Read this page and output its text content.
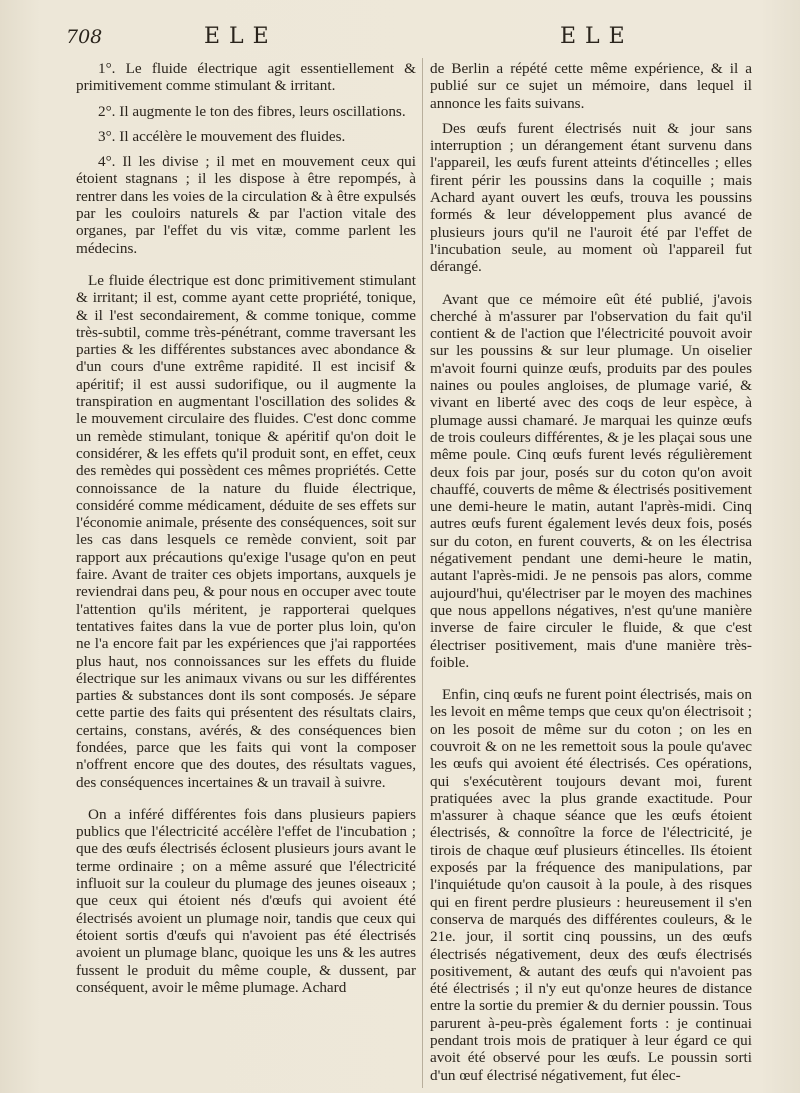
708	ELE	ELE

1°. Le fluide électrique agit essentiellement & primitivement comme stimulant & irritant.

2°. Il augmente le ton des fibres, leurs oscillations.

3°. Il accélère le mouvement des fluides.

4°. Il les divise ; il met en mouvement ceux qui étoient stagnans ; il les dispose à être repompés, à rentrer dans les voies de la circulation & à être expulsés par les couloirs naturels & par l'action vitale des organes, par l'effet du vis vitæ, comme parlent les médecins.

Le fluide électrique est donc primitivement stimulant & irritant; il est, comme ayant cette propriété, tonique, & il l'est secondairement, & comme tonique, comme très-subtil, comme très-pénétrant, comme traversant les parties & les différentes substances avec abondance & d'un cours d'une extrême rapidité. Il est incisif & apéritif; il est aussi sudorifique, ou il augmente la transpiration en augmentant l'oscillation des solides & le mouvement circulaire des fluides. C'est donc comme un remède stimulant, tonique & apéritif qu'on doit le considérer, & les effets qu'il produit sont, en effet, ceux des remèdes qui possèdent ces mêmes propriétés. Cette connoissance de la nature du fluide électrique, considéré comme médicament, déduite de ses effets sur l'économie animale, présente des conséquences, soit sur les cas dans lesquels ce remède convient, soit par rapport aux précautions qu'exige l'usage qu'on en peut faire. Avant de traiter ces objets importans, auxquels je reviendrai dans peu, & pour nous en occuper avec toute l'attention qu'ils méritent, je rapporterai quelques tentatives faites dans la vue de porter plus loin, qu'on ne l'a encore fait par les expériences que j'ai rapportées plus haut, nos connoissances sur les effets du fluide électrique sur les animaux vivans ou sur les différentes parties & substances dont ils sont composés. Je sépare cette partie des faits qui présentent des résultats clairs, certains, constans, avérés, & des conséquences bien fondées, parce que les faits qui vont la composer n'offrent encore que des doutes, des résultats vagues, des conséquences incertaines & un travail à suivre.

On a inféré différentes fois dans plusieurs papiers publics que l'électricité accélère l'effet de l'incubation ; que des œufs électrisés éclosent plusieurs jours avant le terme ordinaire ; on a même assuré que l'électricité influoit sur la couleur du plumage des jeunes oiseaux ; que ceux qui étoient nés d'œufs qui avoient été électrisés avoient un plumage noir, tandis que ceux qui étoient sortis d'œufs qui n'avoient pas été électrisés avoient un plumage blanc, quoique les uns & les autres fussent le produit du même couple, & dussent, par conséquent, avoir le même plumage. Achard

de Berlin a répété cette même expérience, & il a publié sur ce sujet un mémoire, dans lequel il annonce les faits suivans.

Des œufs furent électrisés nuit & jour sans interruption ; un dérangement étant survenu dans l'appareil, les œufs furent atteints d'étincelles ; elles firent périr les poussins dans la coquille ; mais Achard ayant ouvert les œufs, trouva les poussins formés & leur développement plus avancé de plusieurs jours qu'il ne l'auroit été par l'effet de l'incubation seule, au moment où l'appareil fut dérangé.

Avant que ce mémoire eût été publié, j'avois cherché à m'assurer par l'observation du fait qu'il contient & de l'action que l'électricité pouvoit avoir sur les poussins & sur leur plumage. Un oiselier m'avoit fourni quinze œufs, produits par des poules naines ou poules angloises, de plumage varié, & vivant en liberté avec des coqs de leur espèce, à plumage aussi chamaré. Je marquai les quinze œufs de trois couleurs différentes, & je les plaçai sous une même poule. Cinq œufs furent levés régulièrement deux fois par jour, posés sur du coton qu'on avoit chauffé, couverts de même & électrisés positivement une demi-heure le matin, autant l'après-midi. Cinq autres œufs furent également levés deux fois, posés sur du coton, en furent couverts, & on les électrisa négativement pendant une demi-heure le matin, autant l'après-midi. Je ne pensois pas alors, comme aujourd'hui, qu'électriser par le moyen des machines que nous appellons négatives, n'est qu'une manière inverse de faire circuler le fluide, & que c'est électriser positivement, mais d'une manière très-foible.

Enfin, cinq œufs ne furent point électrisés, mais on les levoit en même temps que ceux qu'on électrisoit ; on les posoit de même sur du coton ; on les en couvroit & on ne les remettoit sous la poule qu'avec les œufs qui avoient été électrisés. Ces opérations, qui s'exécutèrent toujours devant moi, furent pratiquées avec la plus grande exactitude. Pour m'assurer à chaque séance que les œufs étoient électrisés, & connoître la force de l'électricité, je tirois de chaque œuf plusieurs étincelles. Ils étoient exposés par la fréquence des manipulations, par l'inquiétude qu'on causoit à la poule, à des risques qui en firent perdre plusieurs : heureusement il s'en conserva de marqués des différentes couleurs, & le 21e. jour, il sortit cinq poussins, un des œufs électrisés négativement, deux des œufs électrisés positivement, & autant des œufs qui n'avoient pas été électrisés ; il n'y eut qu'onze heures de distance entre la sortie du premier & du dernier poussin. Tous parurent à-peu-près également forts : je continuai pendant trois mois de pratiquer à leur égard ce qui avoit été observé pour les œufs. Le poussin sorti d'un œuf électrisé négativement, fut élec-
